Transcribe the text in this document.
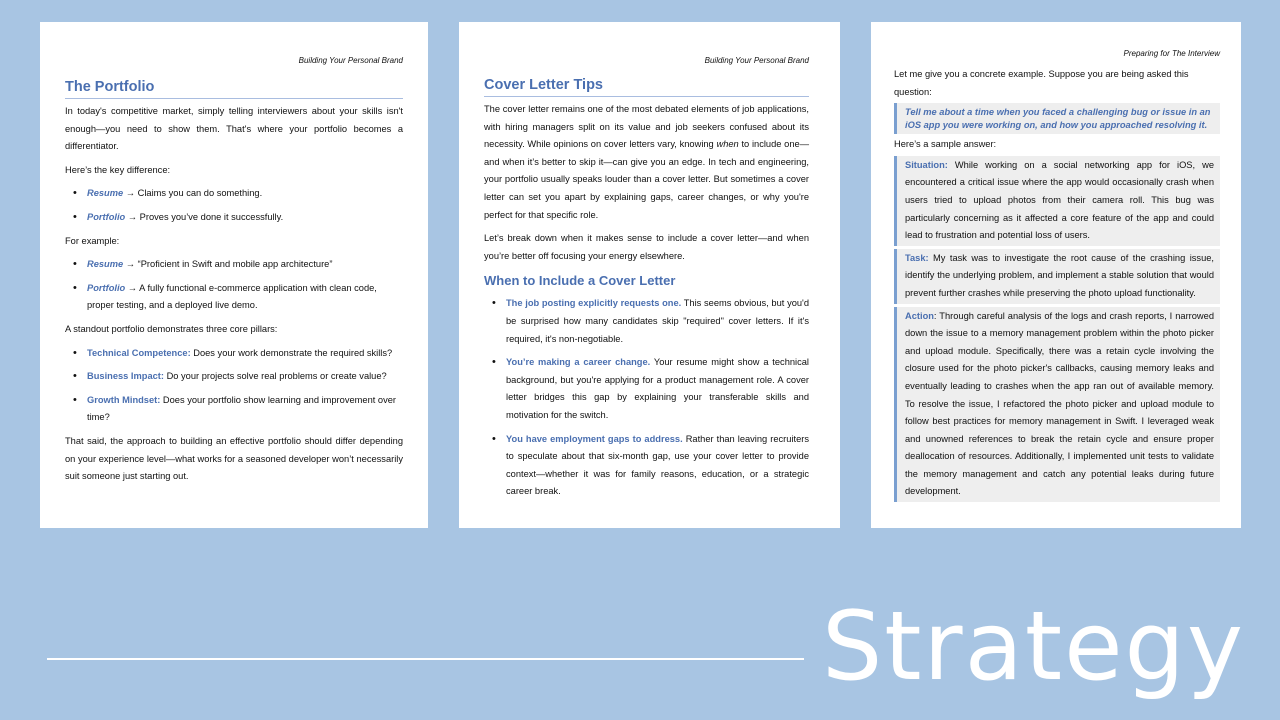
Building Your Personal Brand

The Portfolio

In today's competitive market, simply telling interviewers about your skills isn't enough—you need to show them. That's where your portfolio becomes a differentiator.

Here’s the key difference:

• Resume → Claims you can do something.

• Portfolio → Proves you’ve done it successfully.

For example:

• Resume → “Proficient in Swift and mobile app architecture”

• Portfolio → A fully functional e-commerce application with clean code, proper testing, and a deployed live demo.

A standout portfolio demonstrates three core pillars:

• Technical Competence: Does your work demonstrate the required skills?

• Business Impact: Do your projects solve real problems or create value?

• Growth Mindset: Does your portfolio show learning and improvement over time?

That said, the approach to building an effective portfolio should differ depending on your experience level—what works for a seasoned developer won’t necessarily suit someone just starting out.

Building Your Personal Brand

Cover Letter Tips

The cover letter remains one of the most debated elements of job applications, with hiring managers split on its value and job seekers confused about its necessity. While opinions on cover letters vary, knowing when to include one—and when it’s better to skip it—can give you an edge. In tech and engineering, your portfolio usually speaks louder than a cover letter. But sometimes a cover letter can set you apart by explaining gaps, career changes, or why you're perfect for that specific role.

Let’s break down when it makes sense to include a cover letter—and when you’re better off focusing your energy elsewhere.

When to Include a Cover Letter

• The job posting explicitly requests one. This seems obvious, but you'd be surprised how many candidates skip "required" cover letters. If it's required, it's non-negotiable.

• You’re making a career change. Your resume might show a technical background, but you're applying for a product management role. A cover letter bridges this gap by explaining your transferable skills and motivation for the switch.

• You have employment gaps to address. Rather than leaving recruiters to speculate about that six-month gap, use your cover letter to provide context—whether it was for family reasons, education, or a strategic career break.

Preparing for The Interview

Let me give you a concrete example. Suppose you are being asked this question:

Tell me about a time when you faced a challenging bug or issue in an iOS app you were working on, and how you approached resolving it.

Here’s a sample answer:

Situation: While working on a social networking app for iOS, we encountered a critical issue where the app would occasionally crash when users tried to upload photos from their camera roll. This bug was particularly concerning as it affected a core feature of the app and could lead to frustration and potential loss of users.

Task: My task was to investigate the root cause of the crashing issue, identify the underlying problem, and implement a stable solution that would prevent further crashes while preserving the photo upload functionality.

Action: Through careful analysis of the logs and crash reports, I narrowed down the issue to a memory management problem within the photo picker and upload module. Specifically, there was a retain cycle involving the closure used for the photo picker's callbacks, causing memory leaks and eventually leading to crashes when the app ran out of available memory. To resolve the issue, I refactored the photo picker and upload module to follow best practices for memory management in Swift. I leveraged weak and unowned references to break the retain cycle and ensure proper deallocation of resources. Additionally, I implemented unit tests to validate the memory management and catch any potential leaks during future development.

Strategy
